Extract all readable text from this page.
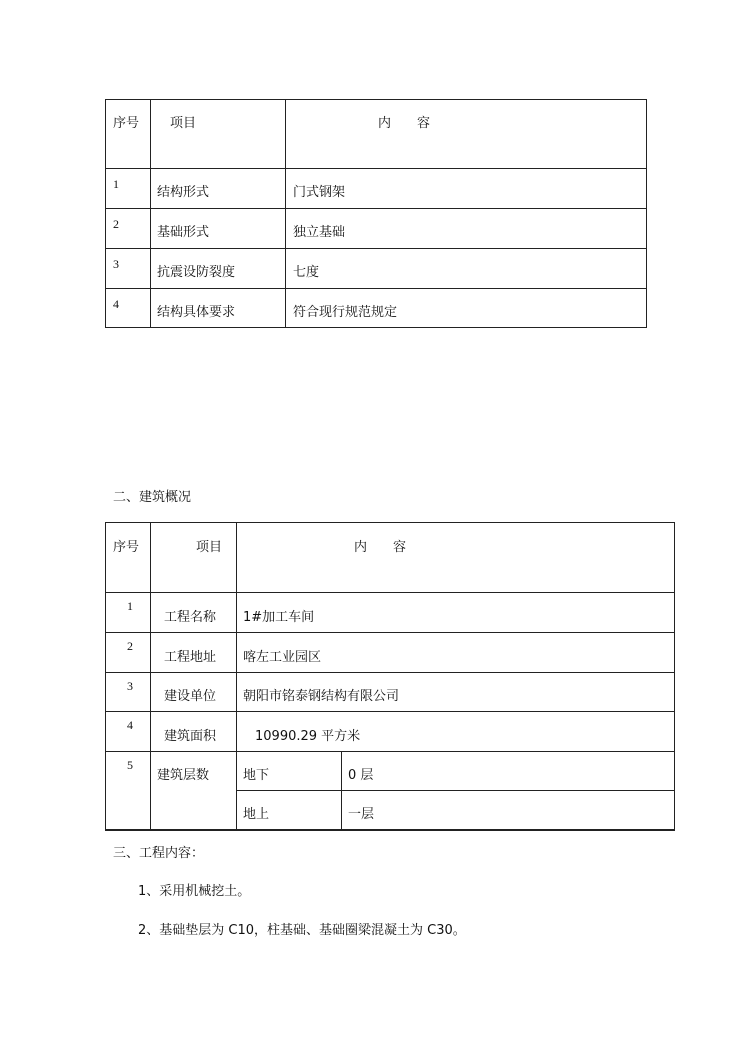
序号	项目	内　　容

1	结构形式	门式钢架

2	基础形式	独立基础

3	抗震设防裂度	七度

4	结构具体要求	符合现行规范规定
二、建筑概况
序号	项目	内　　容	

1	工程名称	1#加工车间	

2	工程地址	喀左工业园区	

3	建设单位	朝阳市铭泰钢结构有限公司	

4	建筑面积	10990.29 平方米	

5	建筑层数	地下	0 层

		地上	一层
三、工程内容：
1、采用机械挖土。
2、基础垫层为 C10，柱基础、基础圈梁混凝土为 C30。
